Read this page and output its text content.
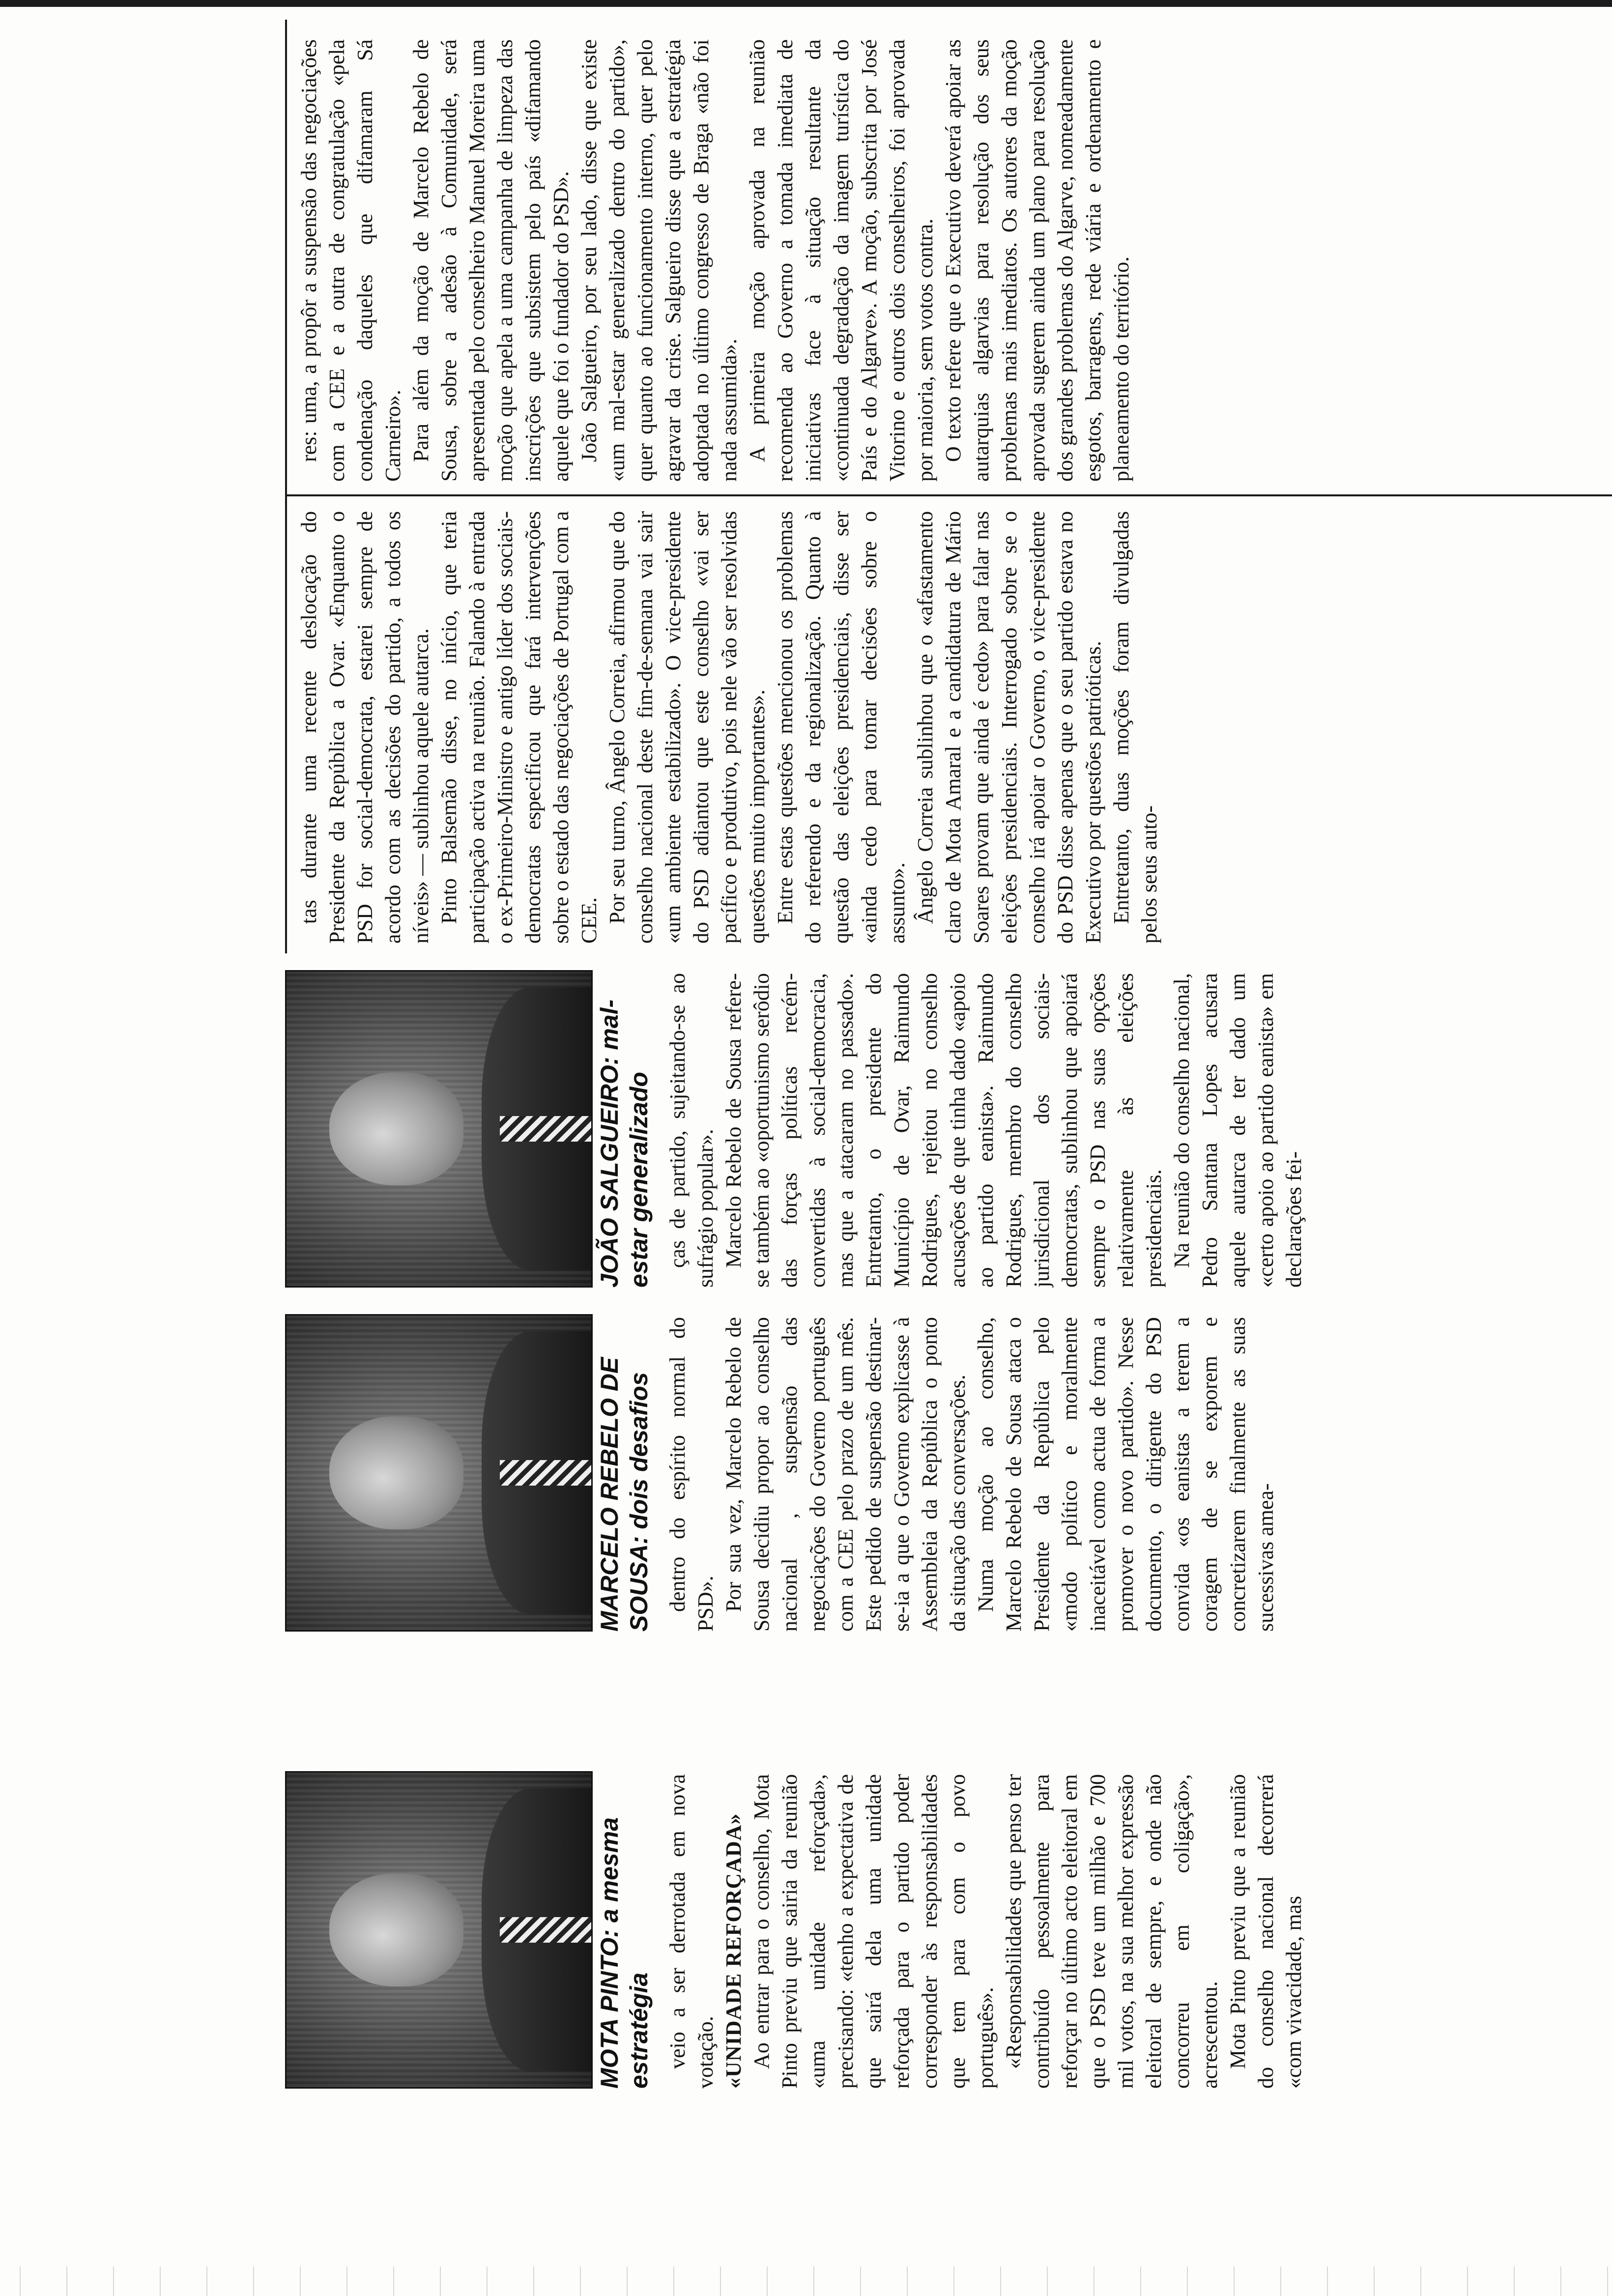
MOTA PINTO: a mesma estratégia
MARCELO REBELO DE SOUSA: dois desafios
JOÃO SALGUEIRO: mal-estar generalizado

veio a ser derrotada em nova votação. «UNIDADE REFORÇADA» Ao entrar para o conselho, Mota Pinto previu que sairia da reunião «uma unidade reforçada», precisando: «tenho a expectativa de que sairá dela uma unidade reforçada para o partido poder corresponder às responsabilidades que tem para com o povo português». «Responsabilidades que penso ter contribuído pessoalmente para reforçar no último acto eleitoral em que o PSD teve um milhão e 700 mil votos, na sua melhor expressão eleitoral de sempre, e onde não concorreu em coligação», acrescentou. Mota Pinto previu que a reunião do conselho nacional decorrerá «com vivacidade, mas

dentro do espírito normal do PSD». Por sua vez, Marcelo Rebelo de Sousa decidiu propor ao conselho nacional , suspensão das negociações do Governo português com a CEE pelo prazo de um mês. Este pedido de suspensão destinar-se-ia a que o Governo explicasse à Assembleia da República o ponto da situação das conversações. Numa moção ao conselho, Marcelo Rebelo de Sousa ataca o Presidente da República pelo «modo político e moralmente inaceitável como actua de forma a promover o novo partido». Nesse documento, o dirigente do PSD convida «os eanistas a terem a coragem de se exporem e concretizarem finalmente as suas sucessivas amea-

ças de partido, sujeitando-se ao sufrágio popular». Marcelo Rebelo de Sousa refere-se também ao «oportunismo serôdio das forças políticas recém-convertidas à social-democracia, mas que a atacaram no passado». Entretanto, o presidente do Município de Ovar, Raimundo Rodrigues, rejeitou no conselho acusações de que tinha dado «apoio ao partido eanista». Raimundo Rodrigues, membro do conselho jurisdicional dos sociais-democratas, sublinhou que apoiará sempre o PSD nas suas opções relativamente às eleições presidenciais. Na reunião do conselho nacional, Pedro Santana Lopes acusara aquele autarca de ter dado um «certo apoio ao partido eanista» em declarações fei-

tas durante uma recente deslocação do Presidente da República a Ovar. «Enquanto o PSD for social-democrata, estarei sempre de acordo com as decisões do partido, a todos os níveis» — sublinhou aquele autarca. Pinto Balsemão disse, no início, que teria participação activa na reunião. Falando à entrada o ex-Primeiro-Ministro e antigo líder dos sociais-democratas especificou que fará intervenções sobre o estado das negociações de Portugal com a CEE. Por seu turno, Ângelo Correia, afirmou que do conselho nacional deste fim-de-semana vai sair «um ambiente estabilizado». O vice-presidente do PSD adiantou que este conselho «vai ser pacífico e produtivo, pois nele vão ser resolvidas questões muito importantes». Entre estas questões mencionou os problemas do referendo e da regionalização. Quanto à questão das eleições presidenciais, disse ser «ainda cedo para tomar decisões sobre o assunto». Ângelo Correia sublinhou que o «afastamento claro de Mota Amaral e a candidatura de Mário Soares provam que ainda é cedo» para falar nas eleições presidenciais. Interrogado sobre se o conselho irá apoiar o Governo, o vice-presidente do PSD disse apenas que o seu partido estava no Executivo por questões patrióticas. Entretanto, duas moções foram divulgadas pelos seus auto-

res: uma, a propôr a suspensão das negociações com a CEE e a outra de congratulação «pela condenação daqueles que difamaram Sá Carneiro». Para além da moção de Marcelo Rebelo de Sousa, sobre a adesão à Comunidade, será apresentada pelo conselheiro Manuel Moreira uma moção que apela a uma campanha de limpeza das inscrições que subsistem pelo país «difamando aquele que foi o fundador do PSD». João Salgueiro, por seu lado, disse que existe «um mal-estar generalizado dentro do partido», quer quanto ao funcionamento interno, quer pelo agravar da crise. Salgueiro disse que a estratégia adoptada no último congresso de Braga «não foi nada assumida». A primeira moção aprovada na reunião recomenda ao Governo a tomada imediata de iniciativas face à situação resultante da «continuada degradação da imagem turística do País e do Algarve». A moção, subscrita por José Vitorino e outros dois conselheiros, foi aprovada por maioria, sem votos contra. O texto refere que o Executivo deverá apoiar as autarquias algarvias para resolução dos seus problemas mais imediatos. Os autores da moção aprovada sugerem ainda um plano para resolução dos grandes problemas do Algarve, nomeadamente esgotos, barragens, rede viária e ordenamento e planeamento do território.
